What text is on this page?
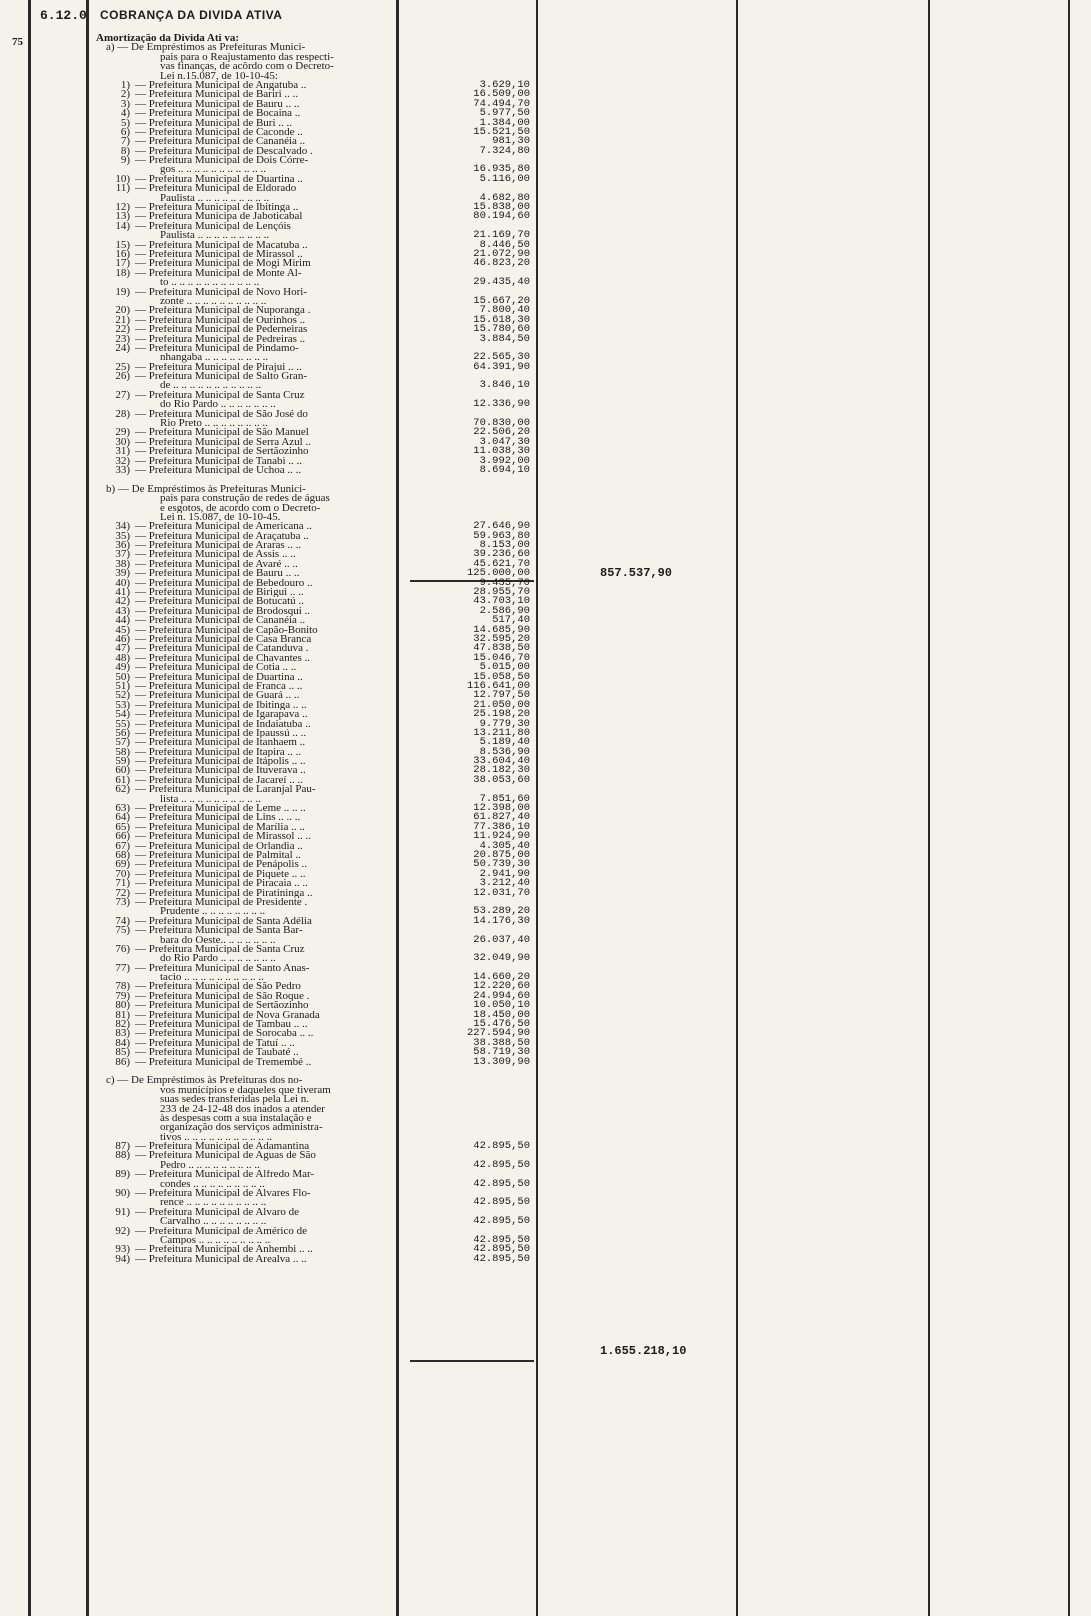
6.12.0 COBRANÇA DA DIVIDA ATIVA
75
857.537,90
1.655.218,10
Amortização da Divida Ati va:
a) — De Empréstimos as Prefeituras Munici-
pais para o Reajustamento das respecti-
vas finanças, de acôrdo com o Decreto-
Lei n.15.087, de 10-10-45:
1) — Prefeitura Municipal de Angatuba ..
2) — Prefeitura Municipal de Bariri .. ..
3) — Prefeitura Municipal de Bauru .. ..
4) — Prefeitura Municipal de Bocaina ..
5) — Prefeitura Municipal de Buri .. ..
6) — Prefeitura Municipal de Caconde ..
7) — Prefeitura Municipal de Cananéia ..
8) — Prefeitura Municipal de Descalvado .
9) — Prefeitura Municipal de Dois Córre-
gos .. .. .. .. .. .. .. .. .. .. ..
10) — Prefeitura Municipal de Duartina ..
11) — Prefeitura Municipal de Eldorado
Paulista .. .. .. .. .. .. .. .. ..
12) — Prefeitura Municipal de Ibitinga ..
13) — Prefeitura Municipa de Jaboticabal
14) — Prefeitura Municipal de Lençóis
Paulista .. .. .. .. .. .. .. .. ..
15) — Prefeitura Municipal de Macatuba ..
16) — Prefeitura Municipal de Mirassol ..
17) — Prefeitura Municipal de Mogi Mirim
18) — Prefeitura Municipal de Monte Al-
to .. .. .. .. .. .. .. .. .. .. ..
19) — Prefeitura Municipal de Novo Hori-
zonte .. .. .. .. .. .. .. .. .. ..
20) — Prefeitura Municipal de Nuporanga .
21) — Prefeitura Municipal de Ourinhos ..
22) — Prefeitura Municipal de Pederneiras
23) — Prefeitura Municipal de Pedreiras ..
24) — Prefeitura Municipal de Pindamo-
nhangaba .. .. .. .. .. .. .. ..
25) — Prefeitura Municipal de Pirajui .. ..
26) — Prefeitura Municipal de Salto Gran-
de .. .. .. .. .. .. .. .. .. .. ..
27) — Prefeitura Municipal de Santa Cruz
do Rio Pardo .. .. .. .. .. .. ..
28) — Prefeitura Municipal de São José do
Rio Preto .. .. .. .. .. .. .. ..
29) — Prefeitura Municipal de São Manuel
30) — Prefeitura Municipal de Serra Azul ..
31) — Prefeitura Municipal de Sertãozinho
32) — Prefeitura Municipal de Tanabi .. ..
33) — Prefeitura Municipal de Uchoa .. ..
b) — De Empréstimos às Prefeituras Munici-
pais para construção de redes de águas
e esgotos, de acordo com o Decreto-
Lei n. 15.087, de 10-10-45.
34) — Prefeitura Municipal de Americana ..
35) — Prefeitura Municipal de Araçatuba ..
36) — Prefeitura Municipal de Araras .. ..
37) — Prefeitura Municipal de Assis .. ..
38) — Prefeitura Municipal de Avaré .. ..
39) — Prefeitura Municipal de Bauru .. ..
40) — Prefeitura Municipal de Bebedouro ..
41) — Prefeitura Municipal de Birigui .. ..
42) — Prefeitura Municipal de Botucatú ..
43) — Prefeitura Municipal de Brodosqui ..
44) — Prefeitura Municipal de Cananéia ..
45) — Prefeitura Municipal de Capão-Bonito
46) — Prefeitura Municipal de Casa Branca
47) — Prefeitura Municipal de Catanduva .
48) — Prefeitura Municipal de Chavantes ..
49) — Prefeitura Municipal de Cotia .. ..
50) — Prefeitura Municipal de Duartina ..
51) — Prefeitura Municipal de Franca .. ..
52) — Prefeitura Municipal de Guará .. ..
53) — Prefeitura Municipal de Ibitinga .. ..
54) — Prefeitura Municipal de Igarapava ..
55) — Prefeitura Municipal de Indaiatuba ..
56) — Prefeitura Municipal de Ipaussú .. ..
57) — Prefeitura Municipal de Itanhaem ..
58) — Prefeitura Municipal de Itapira .. ..
59) — Prefeitura Municipal de Itápolis .. ..
60) — Prefeitura Municipal de Ituverava ..
61) — Prefeitura Municipal de Jacareí .. ..
62) — Prefeitura Municipal de Laranjal Pau-
lista .. .. .. .. .. .. .. .. .. ..
63) — Prefeitura Municipal de Leme .. .. ..
64) — Prefeitura Municipal de Lins .. .. ..
65) — Prefeitura Municipal de Marília .. ..
66) — Prefeitura Municipal de Mirassol .. ..
67) — Prefeitura Municipal de Orlandia ..
68) — Prefeitura Municipal de Palmital ..
69) — Prefeitura Municipal de Penápolis ..
70) — Prefeitura Municipal de Piquete .. ..
71) — Prefeitura Municipal de Piracaia .. ..
72) — Prefeitura Municipal de Piratininga ..
73) — Prefeitura Municipal de Presidente .
Prudente .. .. .. .. .. .. .. ..
74) — Prefeitura Municipal de Santa Adélia
75) — Prefeitura Municipal de Santa Bar-
bara do Oeste.. .. .. .. .. .. ..
76) — Prefeitura Municipal de Santa Cruz
do Rio Pardo .. .. .. .. .. .. ..
77) — Prefeitura Municipal de Santo Anas-
tacio .. .. .. .. .. .. .. .. .. ..
78) — Prefeitura Municipal de São Pedro
79) — Prefeitura Municipal de São Roque .
80) — Prefeitura Municipal de Sertãozinho
81) — Prefeitura Municipal de Nova Granada
82) — Prefeitura Municipal de Tambau .. ..
83) — Prefeitura Municipal de Sorocaba .. ..
84) — Prefeitura Municipal de Tatuí .. ..
85) — Prefeitura Municipal de Taubaté ..
86) — Prefeitura Municipal de Tremembé ..
c) — De Empréstimos às Prefeituras dos no-
vos municípios e daqueles que tiveram
suas sedes transferidas pela Lei n.
233 de 24-12-48 dos inados a atender
às despesas com a sua instalação e
organização dos serviços administra-
tivos .. .. .. .. .. .. .. .. .. .. ..
87) — Prefeitura Municipal de Adamantina
88) — Prefeitura Municipal de Aguas de São
Pedro .. .. .. .. .. .. .. .. ..
89) — Prefeitura Municipal de Alfredo Mar-
condes .. .. .. .. .. .. .. .. ..
90) — Prefeitura Municipal de Alvares Flo-
rence .. .. .. .. .. .. .. .. .. ..
91) — Prefeitura Municipal de Alvaro de
Carvalho .. .. .. .. .. .. .. ..
92) — Prefeitura Municipal de Américo de
Campos .. .. .. .. .. .. .. .. ..
93) — Prefeitura Municipal de Anhembi .. ..
94) — Prefeitura Municipal de Arealva .. ..
3.629,10
16.509,00
74.494,70
5.977,50
1.384,00
15.521,50
981,30
7.324,80
16.935,80
5.116,00
4.682,80
15.838,00
80.194,60
21.169,70
8.446,50
21.072,90
46.823,20
29.435,40
15.667,20
7.800,40
15.618,30
15.780,60
3.884,50
22.565,30
64.391,90
3.846,10
12.336,90
70.830,00
22.506,20
3.047,30
11.038,30
3.992,00
8.694,10
27.646,90
59.963,80
8.153,00
39.236,60
45.621,70
125.000,00
9.435,70
28.955,70
43.703,10
2.586,90
517,40
14.685,90
32.595,20
47.838,50
15.046,70
5.015,00
15.058,50
116.641,00
12.797,50
21.050,00
25.198,20
9.779,30
13.211,80
5.189,40
8.536,90
33.604,40
28.182,30
38.053,60
7.851,60
12.398,00
61.827,40
77.386,10
11.924,90
4.305,40
20.875,00
50.739,30
2.941,90
3.212,40
12.031,70
53.289,20
14.176,30
26.037,40
32.049,90
14.660,20
12.220,60
24.994,60
10.050,10
18.450,00
15.476,50
227.594,90
38.388,50
58.719,30
13.309,90
42.895,50
42.895,50
42.895,50
42.895,50
42.895,50
42.895,50
42.895,50
42.895,50
